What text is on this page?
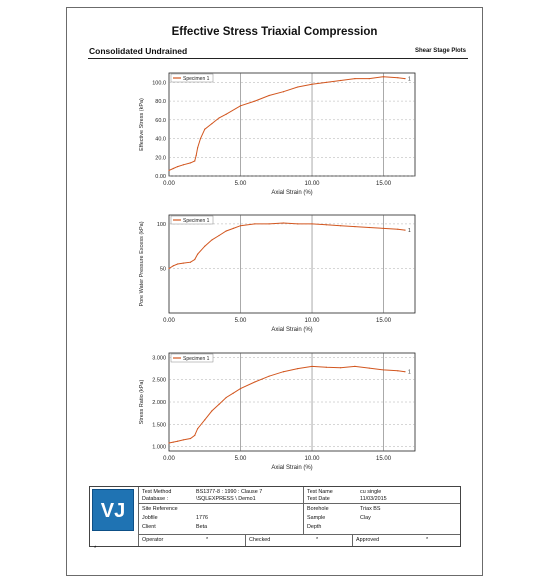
Effective Stress Triaxial Compression
Consolidated Undrained	Shear Stage Plots
0.00	5.00	10.00	15.00
0.00
20.0
40.0
60.0
80.0
100.0
Axial Strain (%)
Effective Stress (kPa)
Specimen 1	1
0.00	5.00	10.00	15.00
50
100
Axial Strain (%)
Pore Water Pressure Excess (kPa)
Specimen 1
1
0.00	5.00	10.00	15.00
1.000
1.500
2.000
2.500
3.000
Axial Strain (%)
Stress Ratio (kPa)
Specimen 1
1
VJ
Test Method	BS1377-8 : 1990 : Clause 7
Database :	\SQLEXPRESS \ Demo1
Test Name	cu single
Test Date	11/03/2015
Site Reference
Jobfile	1776
Client	Beta
Borehole	Triax BS
Sample	Clay
Depth
Operator	*	Checked	*	Approved	*
*
